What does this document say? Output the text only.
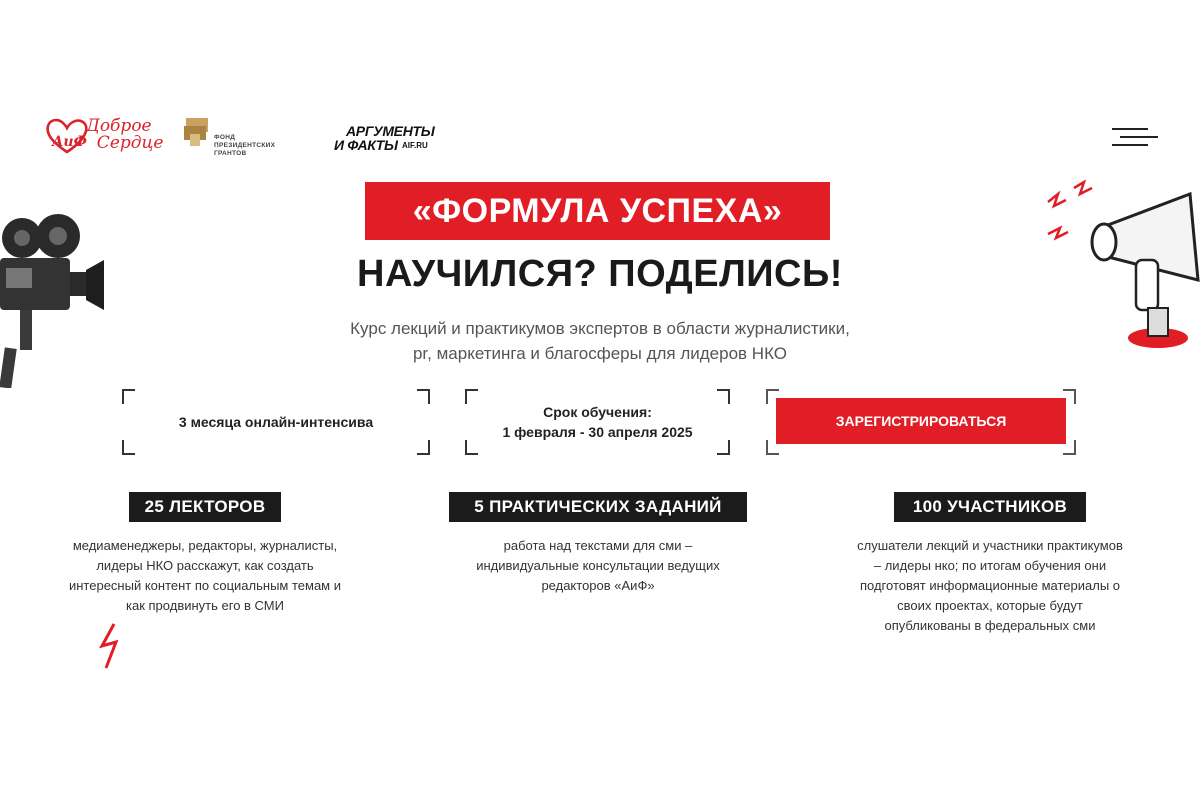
АиФ
Доброе
Сердце	ФОНД
ПРЕЗИДЕНТСКИХ
ГРАНТОВ
АРГУМЕНТЫ
И ФАКТЫ AIF.RU
«ФОРМУЛА УСПЕХА»
НАУЧИЛСЯ? ПОДЕЛИСЬ!
Курс лекций и практикумов экспертов в области журналистики,
pr, маркетинга и благосферы для лидеров НКО
3 месяца онлайн-интенсива
Срок обучения:
1 февраля - 30 апреля 2025
ЗАРЕГИСТРИРОВАТЬСЯ
25 ЛЕКТОРОВ
медиаменеджеры, редакторы, журналисты,
лидеры НКО расскажут, как создать
интересный контент по социальным темам и
как продвинуть его в СМИ
5 ПРАКТИЧЕСКИХ ЗАДАНИЙ
работа над текстами для сми –
индивидуальные консультации ведущих
редакторов «АиФ»
100 УЧАСТНИКОВ
слушатели лекций и участники практикумов
– лидеры нко; по итогам обучения они
подготовят информационные материалы о
своих проектах, которые будут
опубликованы в федеральных сми
